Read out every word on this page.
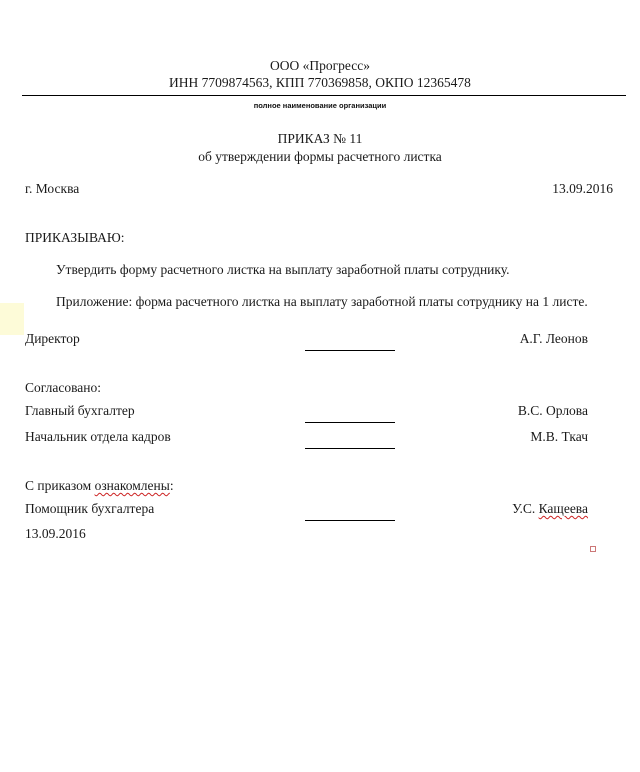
ООО «Прогресс»
ИНН 7709874563, КПП 770369858, ОКПО 12365478
полное наименование организации
ПРИКАЗ № 11
об утверждении формы расчетного листка
г. Москва	13.09.2016
ПРИКАЗЫВАЮ:
Утвердить форму расчетного листка на выплату заработной платы сотруднику.
Приложение: форма расчетного листка на выплату заработной платы сотруднику на 1 листе.
Директор	А.Г. Леонов
Согласовано:
Главный бухгалтер	В.С. Орлова
Начальник отдела кадров	М.В. Ткач
С приказом ознакомлены:
Помощник бухгалтера	У.С. Кащеева
13.09.2016
